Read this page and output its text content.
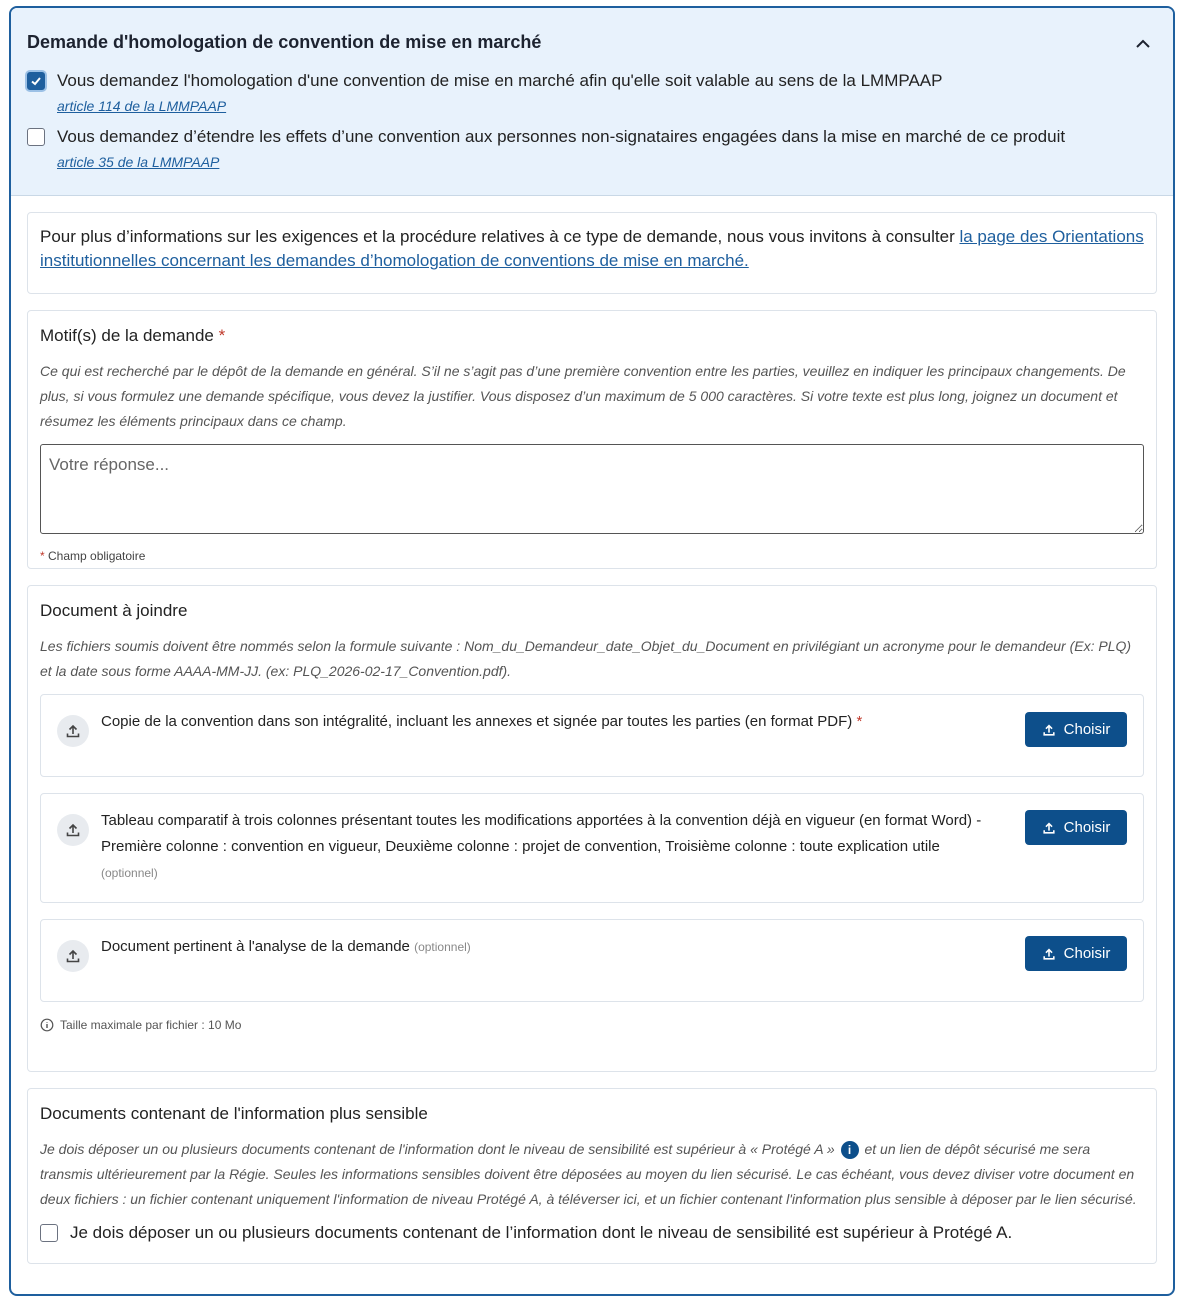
Demande d'homologation de convention de mise en marché
Vous demandez l'homologation d'une convention de mise en marché afin qu'elle soit valable au sens de la LMMPAAP
article 114 de la LMMPAAP
Vous demandez d’étendre les effets d’une convention aux personnes non-signataires engagées dans la mise en marché de ce produit
article 35 de la LMMPAAP
Pour plus d’informations sur les exigences et la procédure relatives à ce type de demande, nous vous invitons à consulter la page des Orientations institutionnelles concernant les demandes d’homologation de conventions de mise en marché.
Motif(s) de la demande *
Ce qui est recherché par le dépôt de la demande en général. S’il ne s’agit pas d’une première convention entre les parties, veuillez en indiquer les principaux changements. De plus, si vous formulez une demande spécifique, vous devez la justifier. Vous disposez d’un maximum de 5 000 caractères. Si votre texte est plus long, joignez un document et résumez les éléments principaux dans ce champ.
Votre réponse...
* Champ obligatoire
Document à joindre
Les fichiers soumis doivent être nommés selon la formule suivante : Nom_du_Demandeur_date_Objet_du_Document en privilégiant un acronyme pour le demandeur (Ex: PLQ) et la date sous forme AAAA-MM-JJ. (ex: PLQ_2026-02-17_Convention.pdf).
Copie de la convention dans son intégralité, incluant les annexes et signée par toutes les parties (en format PDF) *	Choisir
Tableau comparatif à trois colonnes présentant toutes les modifications apportées à la convention déjà en vigueur (en format Word) - Première colonne : convention en vigueur, Deuxième colonne : projet de convention, Troisième colonne : toute explication utile (optionnel)
Choisir
Document pertinent à l'analyse de la demande (optionnel)	Choisir
Taille maximale par fichier : 10 Mo
Documents contenant de l'information plus sensible
Je dois déposer un ou plusieurs documents contenant de l'information dont le niveau de sensibilité est supérieur à « Protégé A » i et un lien de dépôt sécurisé me sera transmis ultérieurement par la Régie. Seules les informations sensibles doivent être déposées au moyen du lien sécurisé. Le cas échéant, vous devez diviser votre document en deux fichiers : un fichier contenant uniquement l'information de niveau Protégé A, à téléverser ici, et un fichier contenant l'information plus sensible à déposer par le lien sécurisé.
Je dois déposer un ou plusieurs documents contenant de l’information dont le niveau de sensibilité est supérieur à Protégé A.
